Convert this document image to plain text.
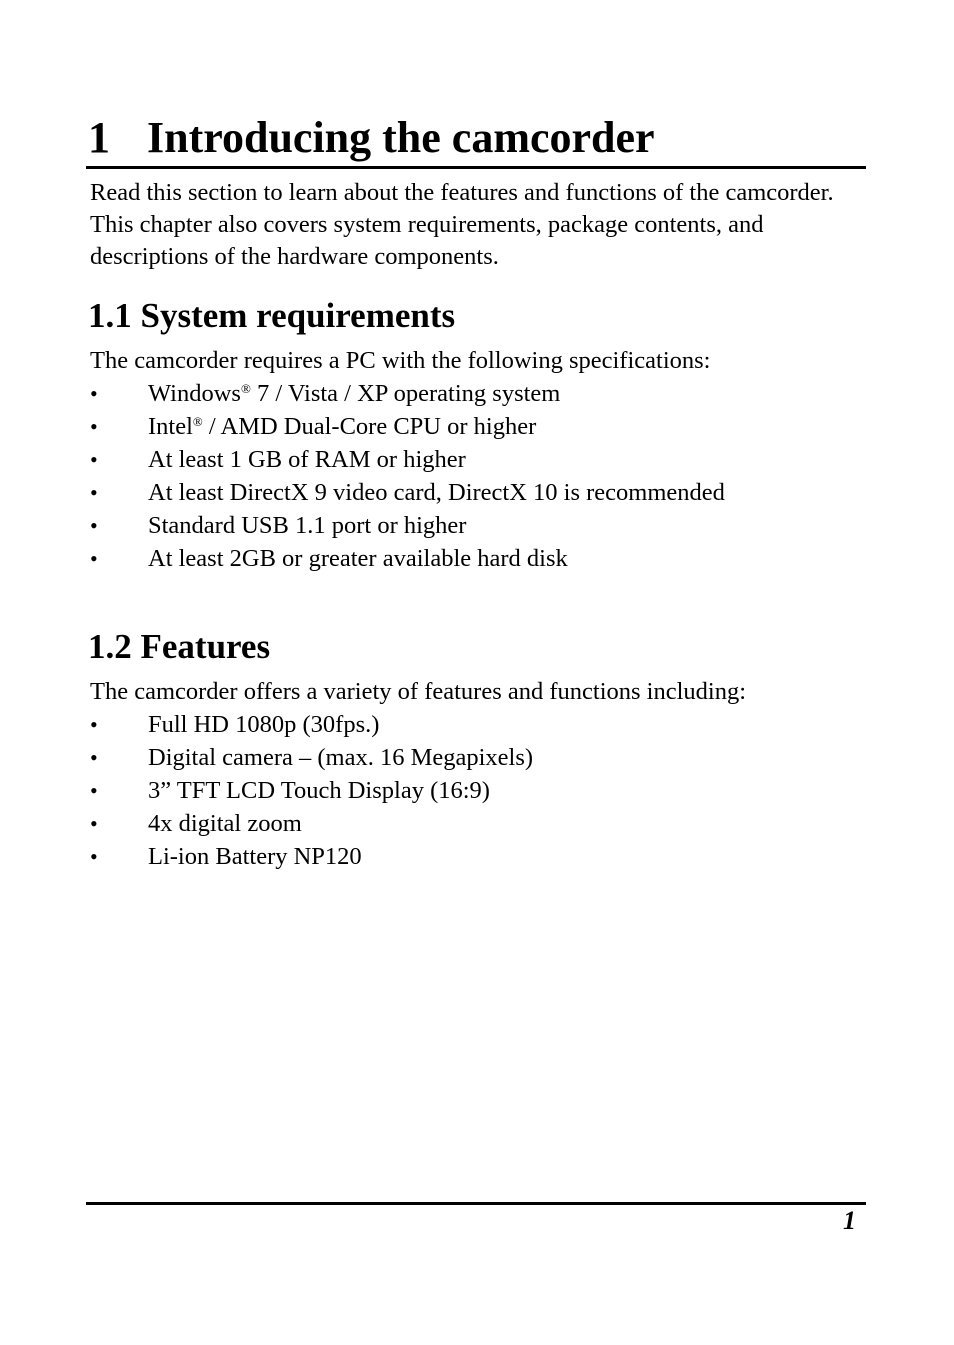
1 Introducing the camcorder

Read this section to learn about the features and functions of the camcorder. This chapter also covers system requirements, package contents, and descriptions of the hardware components.

1.1 System requirements

The camcorder requires a PC with the following specifications:

• Windows® 7 / Vista / XP operating system
• Intel® / AMD Dual-Core CPU or higher
• At least 1 GB of RAM or higher
• At least DirectX 9 video card, DirectX 10 is recommended
• Standard USB 1.1 port or higher
• At least 2GB or greater available hard disk
1.2 Features

The camcorder offers a variety of features and functions including:

• Full HD 1080p (30fps.)
• Digital camera – (max. 16 Megapixels)
• 3” TFT LCD Touch Display (16:9)
• 4x digital zoom
• Li-ion Battery NP120
1
